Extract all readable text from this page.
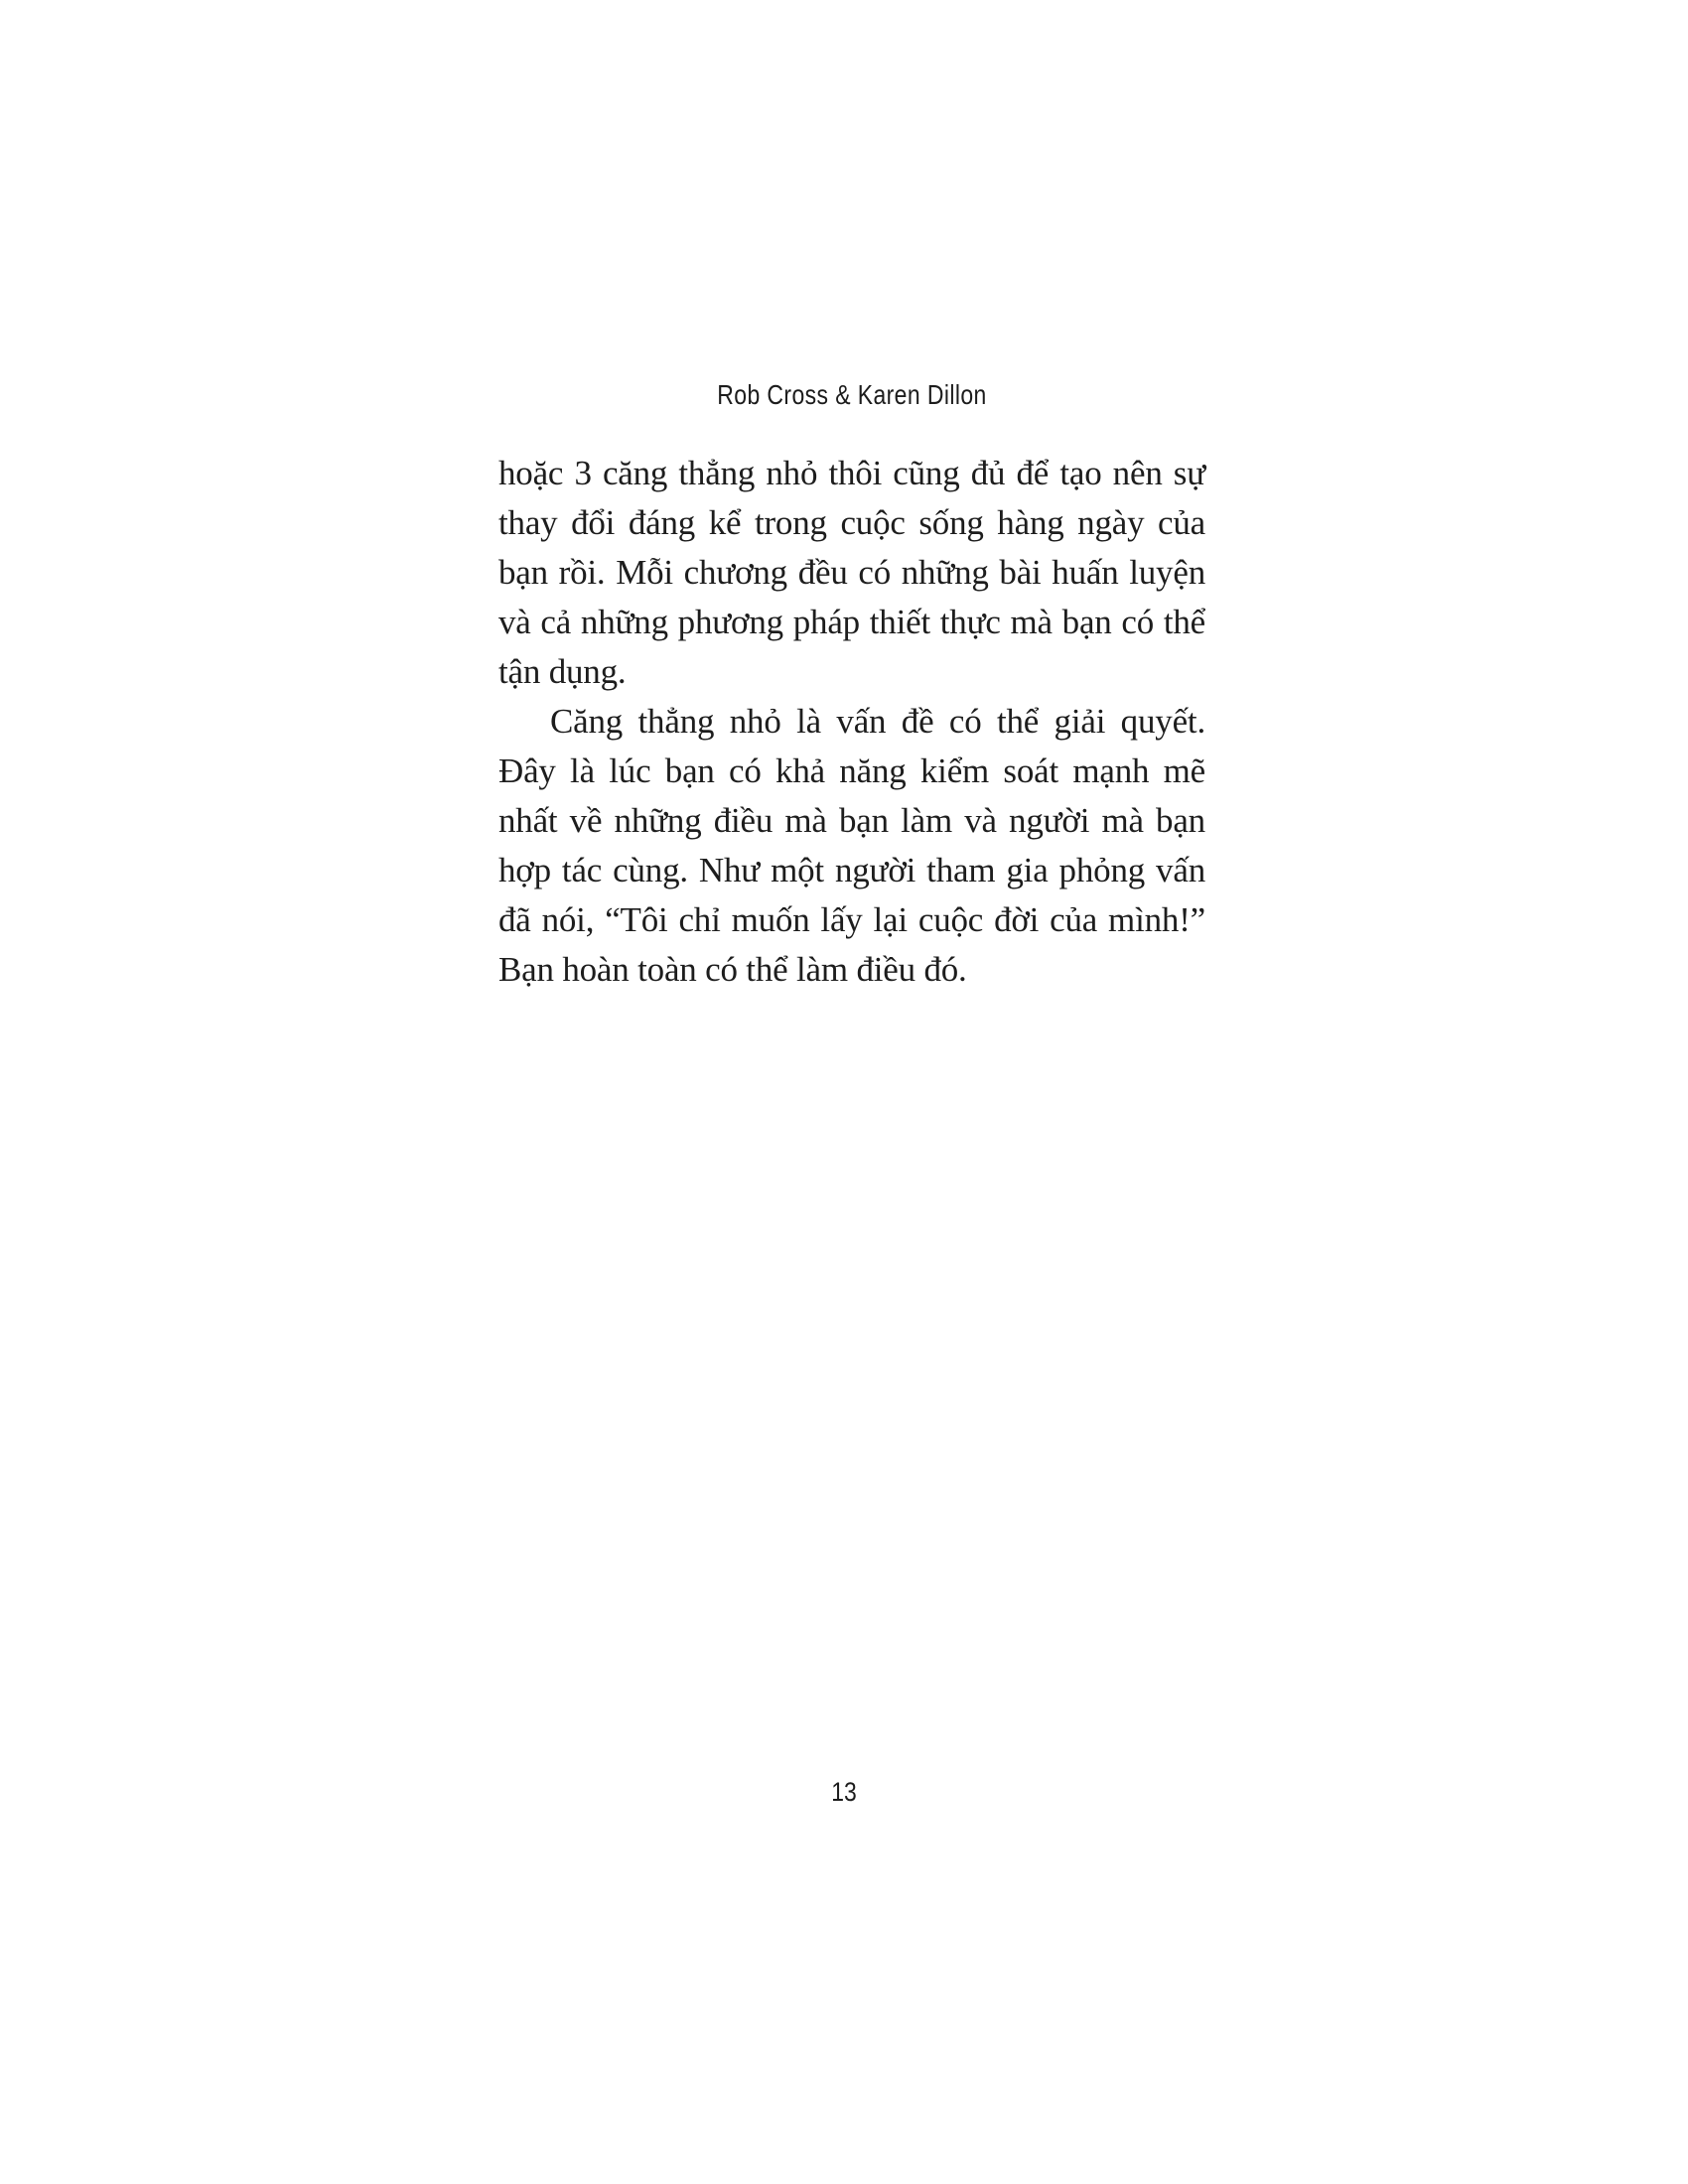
Rob Cross & Karen Dillon
hoặc 3 căng thẳng nhỏ thôi cũng đủ để tạo nên sự
thay đổi đáng kể trong cuộc sống hàng ngày của
bạn rồi. Mỗi chương đều có những bài huấn luyện
và cả những phương pháp thiết thực mà bạn có thể
tận dụng.
Căng thẳng nhỏ là vấn đề có thể giải quyết.
Đây là lúc bạn có khả năng kiểm soát mạnh mẽ
nhất về những điều mà bạn làm và người mà bạn
hợp tác cùng. Như một người tham gia phỏng vấn
đã nói, “Tôi chỉ muốn lấy lại cuộc đời của mình!”
Bạn hoàn toàn có thể làm điều đó.
13
